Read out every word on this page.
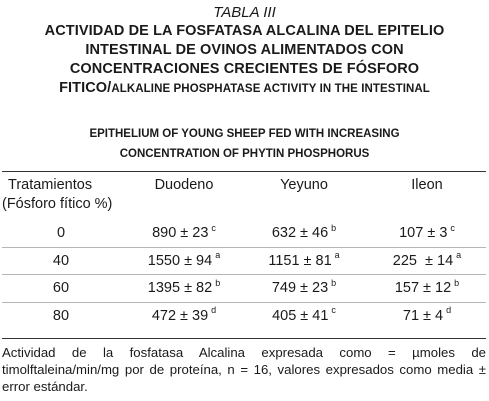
TABLA III
ACTIVIDAD DE LA FOSFATASA ALCALINA DEL EPITELIO
INTESTINAL DE OVINOS ALIMENTADOS CON
CONCENTRACIONES CRECIENTES DE FÓSFORO
FITICO/ALKALINE PHOSPHATASE ACTIVITY IN THE INTESTINAL
EPITHELIUM OF YOUNG SHEEP FED WITH INCREASING
CONCENTRATION OF PHYTIN PHOSPHORUS
Tratamientos
(Fósforo fítico %)		Duodeno		Yeyuno		Ileon
0		890 ± 23 $^c$		632 ± 46 $^b$		107 ± 3 $^c$
40		1550 ± 94 $^a$		1151 ± 81 $^a$		225  ± 14 $^a$
60		1395 ± 82 $^b$		749 ± 23 $^b$		157 ± 12 $^b$
80		472 ± 39 $^d$		405 ± 41 $^c$		71 ± 4 $^d$
Actividad de la fosfatasa Alcalina expresada como = µmoles de timolftaleina/min/mg por de proteína, n = 16, valores expresados como media ± error estándar.
